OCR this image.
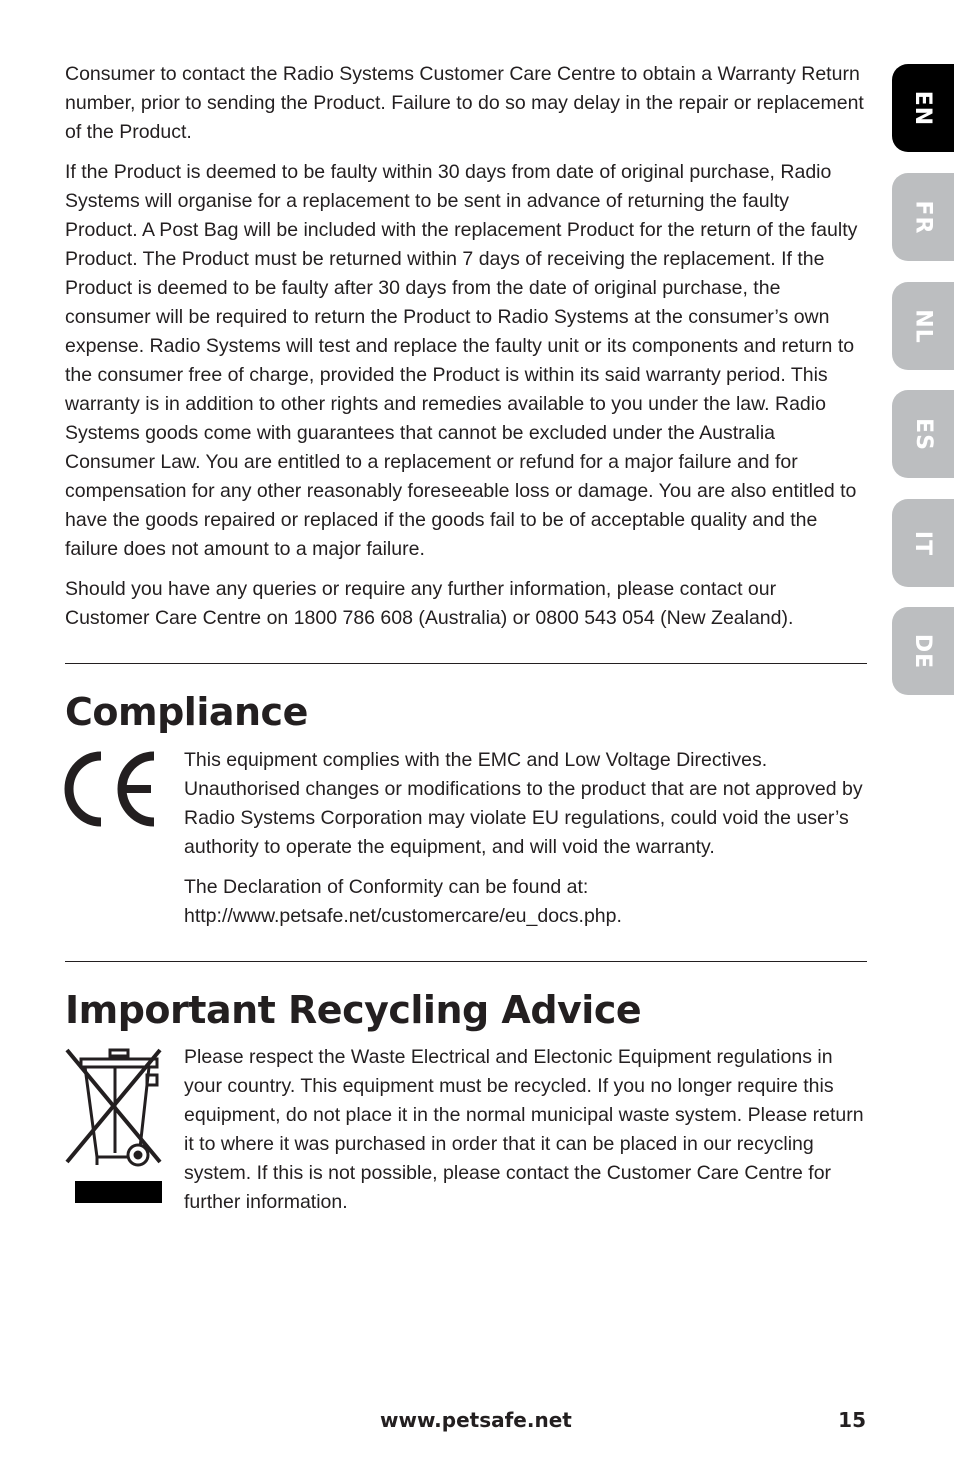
Consumer to contact the Radio Systems Customer Care Centre to obtain a Warranty Return number, prior to sending the Product. Failure to do so may delay in the repair or replacement of the Product.

If the Product is deemed to be faulty within 30 days from date of original purchase, Radio Systems will organise for a replacement to be sent in advance of returning the faulty Product. A Post Bag will be included with the replacement Product for the return of the faulty Product. The Product must be returned within 7 days of receiving the replacement. If the Product is deemed to be faulty after 30 days from the date of original purchase, the consumer will be required to return the Product to Radio Systems at the consumer’s own expense. Radio Systems will test and replace the faulty unit or its components and return to the consumer free of charge, provided the Product is within its said warranty period. This warranty is in addition to other rights and remedies available to you under the law. Radio Systems goods come with guarantees that cannot be excluded under the Australia Consumer Law. You are entitled to a replacement or refund for a major failure and for compensation for any other reasonably foreseeable loss or damage. You are also entitled to have the goods repaired or replaced if the goods fail to be of acceptable quality and the failure does not amount to a major failure.

Should you have any queries or require any further information, please contact our Customer Care Centre on 1800 786 608 (Australia) or 0800 543 054 (New Zealand).

Compliance

This equipment complies with the EMC and Low Voltage Directives. Unauthorised changes or modifications to the product that are not approved by Radio Systems Corporation may violate EU regulations, could void the user’s authority to operate the equipment, and will void the warranty.

The Declaration of Conformity can be found at: http://www.petsafe.net/customercare/eu_docs.php.

Important Recycling Advice

Please respect the Waste Electrical and Electonic Equipment regulations in your country. This equipment must be recycled. If you no longer require this equipment, do not place it in the normal municipal waste system. Please return it to where it was purchased in order that it can be placed in our recycling system. If this is not possible, please contact the Customer Care Centre for further information.

EN
FR
NL
ES
IT
DE
www.petsafe.net	15
